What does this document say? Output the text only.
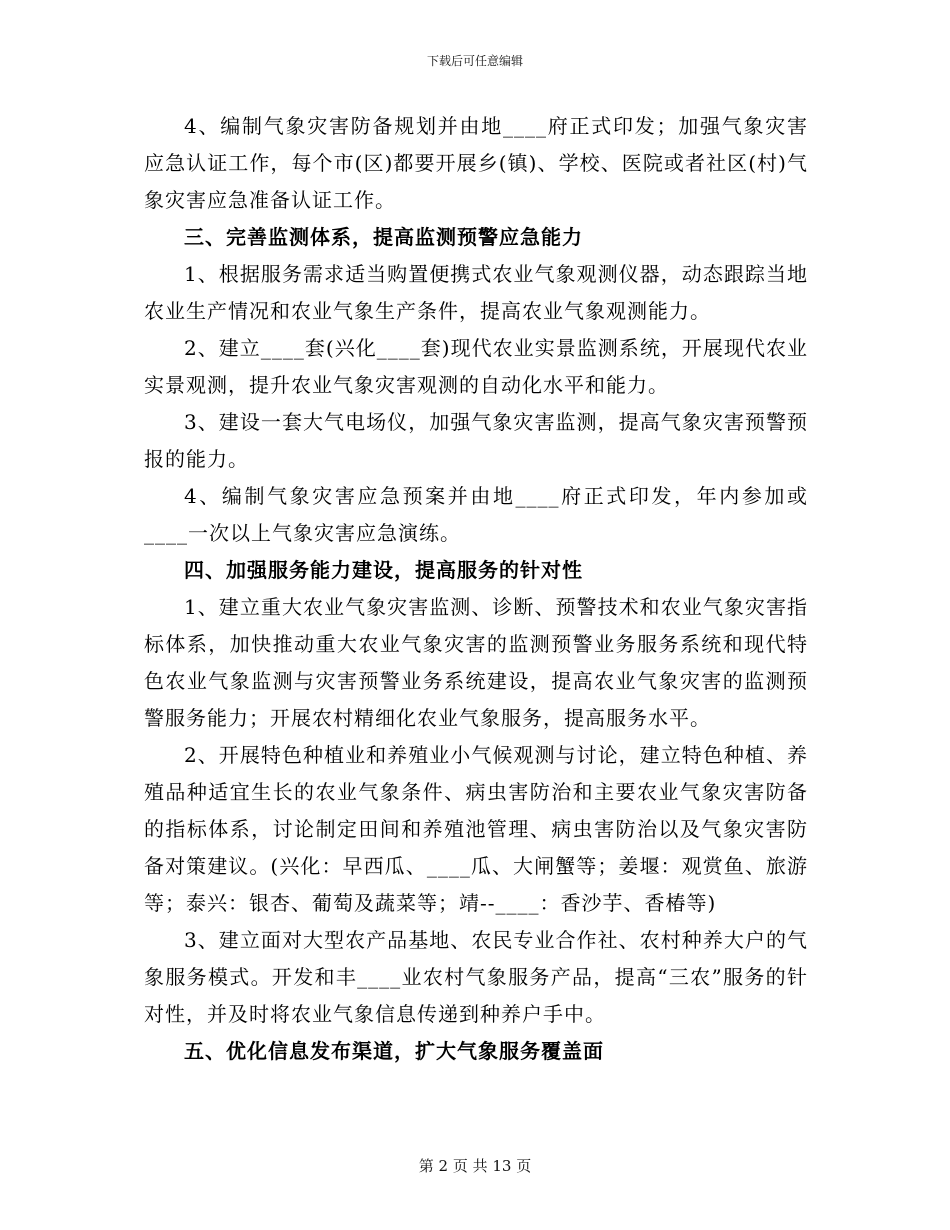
下载后可任意编辑

4、编制气象灾害防备规划并由地____府正式印发；加强气象灾害应急认证工作，每个市(区)都要开展乡(镇)、学校、医院或者社区(村)气象灾害应急准备认证工作。

三、完善监测体系，提高监测预警应急能力

1、根据服务需求适当购置便携式农业气象观测仪器，动态跟踪当地农业生产情况和农业气象生产条件，提高农业气象观测能力。

2、建立____套(兴化____套)现代农业实景监测系统，开展现代农业实景观测，提升农业气象灾害观测的自动化水平和能力。

3、建设一套大气电场仪，加强气象灾害监测，提高气象灾害预警预报的能力。

4、编制气象灾害应急预案并由地____府正式印发，年内参加或____一次以上气象灾害应急演练。

四、加强服务能力建设，提高服务的针对性

1、建立重大农业气象灾害监测、诊断、预警技术和农业气象灾害指标体系，加快推动重大农业气象灾害的监测预警业务服务系统和现代特色农业气象监测与灾害预警业务系统建设，提高农业气象灾害的监测预警服务能力；开展农村精细化农业气象服务，提高服务水平。

2、开展特色种植业和养殖业小气候观测与讨论，建立特色种植、养殖品种适宜生长的农业气象条件、病虫害防治和主要农业气象灾害防备的指标体系，讨论制定田间和养殖池管理、病虫害防治以及气象灾害防备对策建议。(兴化：早西瓜、____瓜、大闸蟹等；姜堰：观赏鱼、旅游等；泰兴：银杏、葡萄及蔬菜等；靖--____：香沙芋、香椿等)

3、建立面对大型农产品基地、农民专业合作社、农村种养大户的气象服务模式。开发和丰____业农村气象服务产品，提高“三农”服务的针对性，并及时将农业气象信息传递到种养户手中。

五、优化信息发布渠道，扩大气象服务覆盖面

第 2 页 共 13 页
